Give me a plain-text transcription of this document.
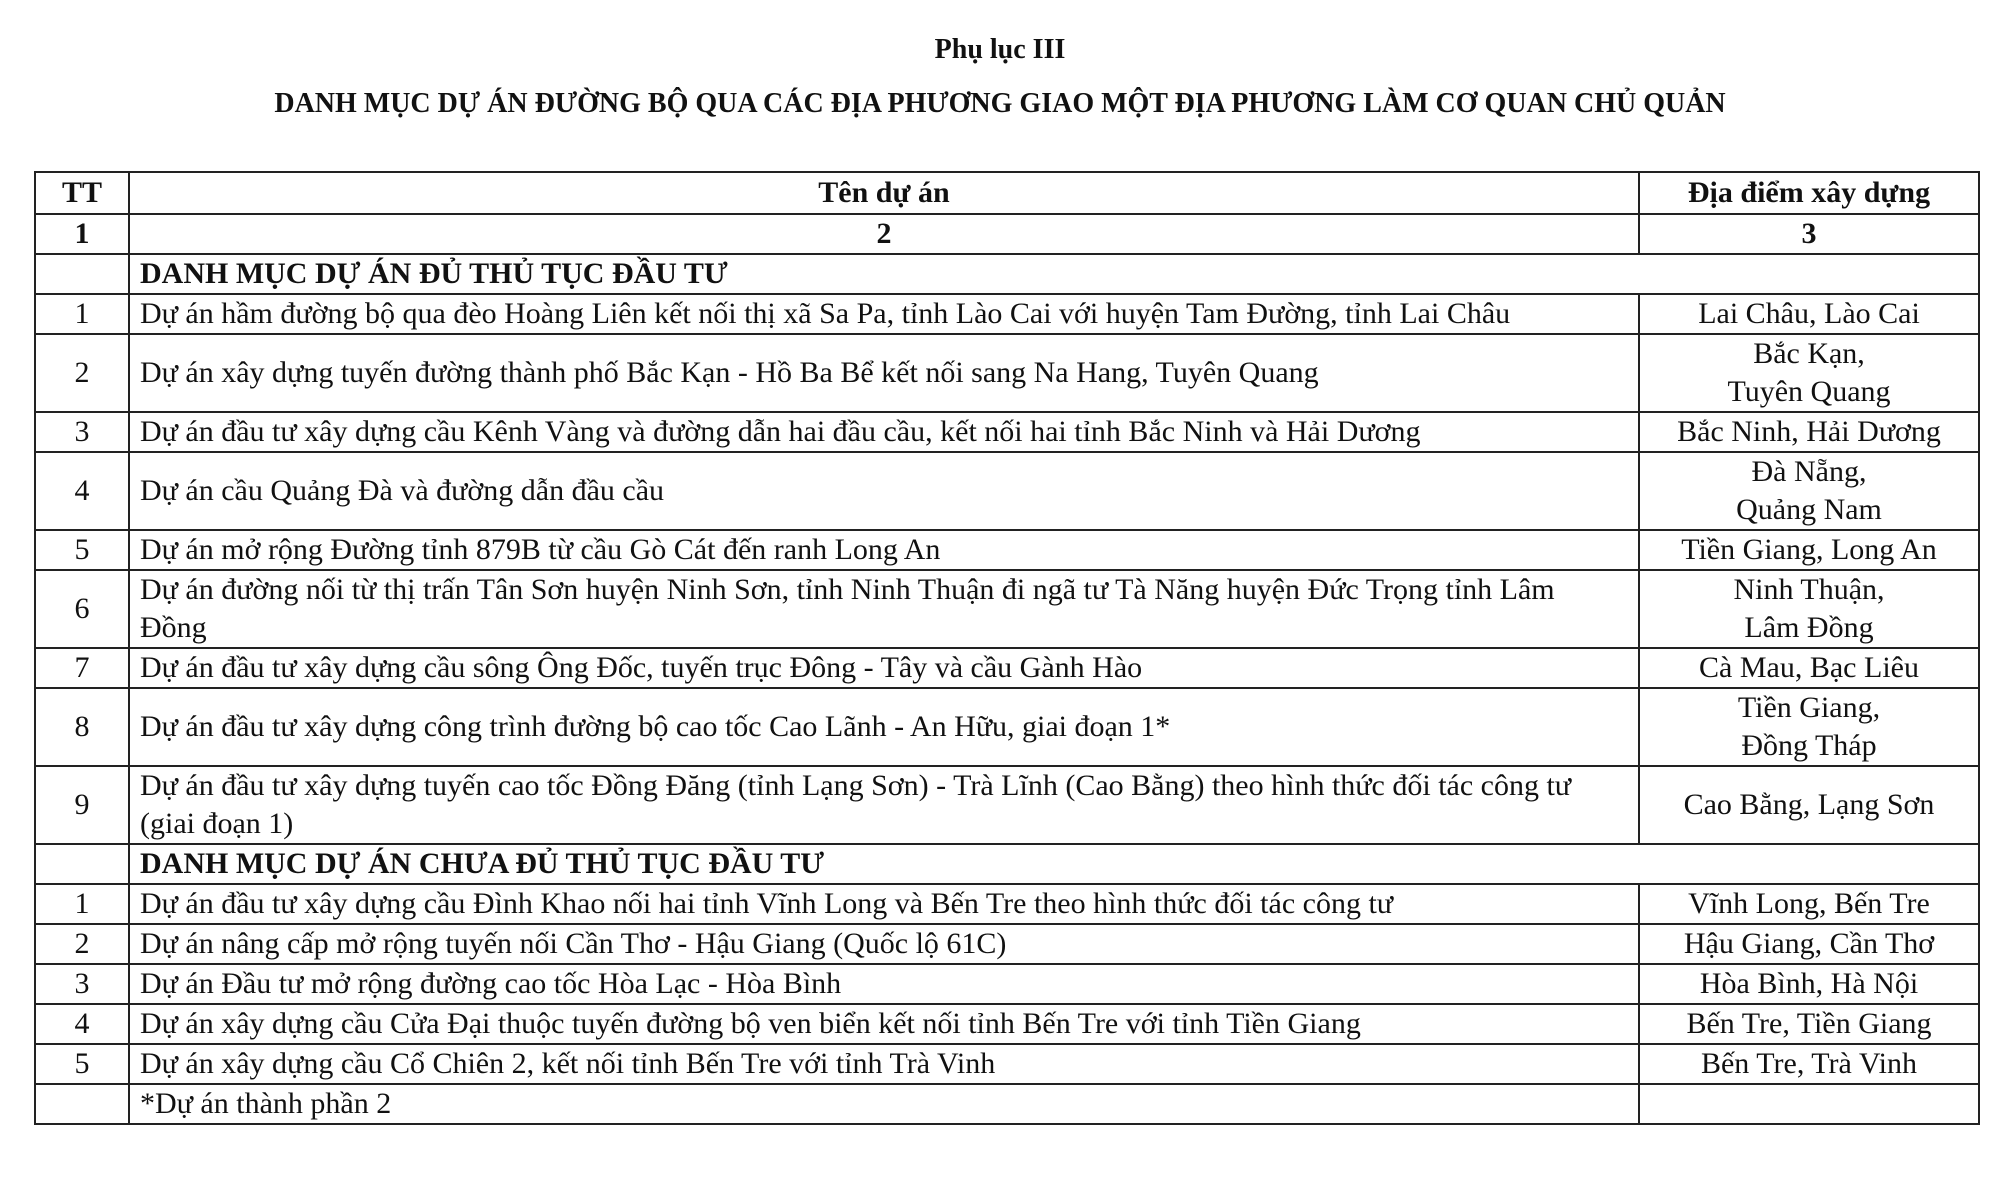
Phụ lục III
DANH MỤC DỰ ÁN ĐƯỜNG BỘ QUA CÁC ĐỊA PHƯƠNG GIAO MỘT ĐỊA PHƯƠNG LÀM CƠ QUAN CHỦ QUẢN
TT	Tên dự án	Địa điểm xây dựng
1	2	3
	DANH MỤC DỰ ÁN ĐỦ THỦ TỤC ĐẦU TƯ	
1	Dự án hầm đường bộ qua đèo Hoàng Liên kết nối thị xã Sa Pa, tỉnh Lào Cai với huyện Tam Đường, tỉnh Lai Châu	Lai Châu, Lào Cai

2	Dự án xây dựng tuyến đường thành phố Bắc Kạn - Hồ Ba Bể kết nối sang Na Hang, Tuyên Quang	Bắc Kạn,
Tuyên Quang

3	Dự án đầu tư xây dựng cầu Kênh Vàng và đường dẫn hai đầu cầu, kết nối hai tỉnh Bắc Ninh và Hải Dương	Bắc Ninh, Hải Dương

4	Dự án cầu Quảng Đà và đường dẫn đầu cầu	Đà Nẵng,
Quảng Nam

5	Dự án mở rộng Đường tỉnh 879B từ cầu Gò Cát đến ranh Long An	Tiền Giang, Long An

6	Dự án đường nối từ thị trấn Tân Sơn huyện Ninh Sơn, tỉnh Ninh Thuận đi ngã tư Tà Năng huyện Đức Trọng tỉnh Lâm Đồng	Ninh Thuận,
Lâm Đồng

7	Dự án đầu tư xây dựng cầu sông Ông Đốc, tuyến trục Đông - Tây và cầu Gành Hào	Cà Mau, Bạc Liêu

8	Dự án đầu tư xây dựng công trình đường bộ cao tốc Cao Lãnh - An Hữu, giai đoạn 1*	Tiền Giang,
Đồng Tháp

9	Dự án đầu tư xây dựng tuyến cao tốc Đồng Đăng (tỉnh Lạng Sơn) - Trà Lĩnh (Cao Bằng) theo hình thức đối tác công tư (giai đoạn 1)	Cao Bằng, Lạng Sơn

	DANH MỤC DỰ ÁN CHƯA ĐỦ THỦ TỤC ĐẦU TƯ	
1	Dự án đầu tư xây dựng cầu Đình Khao nối hai tỉnh Vĩnh Long và Bến Tre theo hình thức đối tác công tư	Vĩnh Long, Bến Tre

2	Dự án nâng cấp mở rộng tuyến nối Cần Thơ - Hậu Giang (Quốc lộ 61C)	Hậu Giang, Cần Thơ

3	Dự án Đầu tư mở rộng đường cao tốc Hòa Lạc - Hòa Bình	Hòa Bình, Hà Nội

4	Dự án xây dựng cầu Cửa Đại thuộc tuyến đường bộ ven biển kết nối tỉnh Bến Tre với tỉnh Tiền Giang	Bến Tre, Tiền Giang

5	Dự án xây dựng cầu Cổ Chiên 2, kết nối tỉnh Bến Tre với tỉnh Trà Vinh	Bến Tre, Trà Vinh

	*Dự án thành phần 2	
